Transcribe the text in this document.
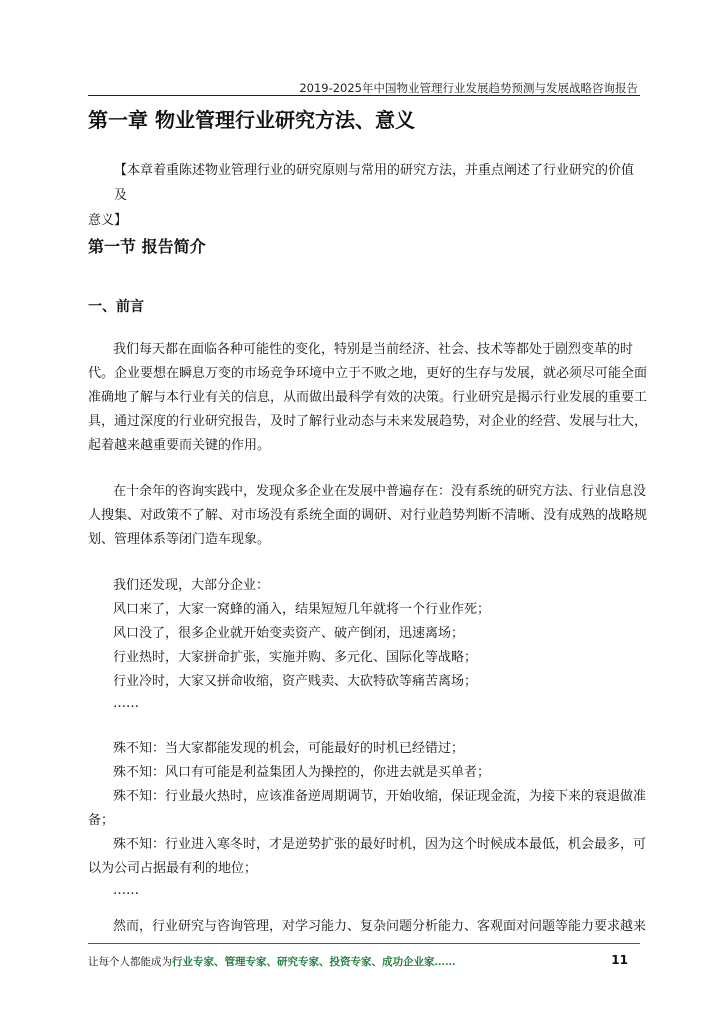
2019-2025年中国物业管理行业发展趋势预测与发展战略咨询报告
第一章 物业管理行业研究方法、意义
【本章着重陈述物业管理行业的研究原则与常用的研究方法，并重点阐述了行业研究的价值及
意义】
第一节 报告简介
一、前言
我们每天都在面临各种可能性的变化，特别是当前经济、社会、技术等都处于剧烈变革的时
代。企业要想在瞬息万变的市场竞争环境中立于不败之地，更好的生存与发展，就必须尽可能全面
准确地了解与本行业有关的信息，从而做出最科学有效的决策。行业研究是揭示行业发展的重要工
具，通过深度的行业研究报告，及时了解行业动态与未来发展趋势，对企业的经营、发展与壮大，
起着越来越重要而关键的作用。
在十余年的咨询实践中，发现众多企业在发展中普遍存在：没有系统的研究方法、行业信息没
人搜集、对政策不了解、对市场没有系统全面的调研、对行业趋势判断不清晰、没有成熟的战略规
划、管理体系等闭门造车现象。
我们还发现，大部分企业：
风口来了，大家一窝蜂的涌入，结果短短几年就将一个行业作死；
风口没了，很多企业就开始变卖资产、破产倒闭，迅速离场；
行业热时，大家拼命扩张，实施并购、多元化、国际化等战略；
行业冷时，大家又拼命收缩，资产贱卖、大砍特砍等痛苦离场；
……
殊不知：当大家都能发现的机会，可能最好的时机已经错过；
殊不知：风口有可能是利益集团人为操控的，你进去就是买单者；
殊不知：行业最火热时，应该准备逆周期调节，开始收缩，保证现金流，为接下来的衰退做准
备；
殊不知：行业进入寒冬时，才是逆势扩张的最好时机，因为这个时候成本最低，机会最多，可
以为公司占据最有利的地位；
……
然而，行业研究与咨询管理，对学习能力、复杂问题分析能力、客观面对问题等能力要求越来
让每个人都能成为行业专家、管理专家、研究专家、投资专家、成功企业家……	11
